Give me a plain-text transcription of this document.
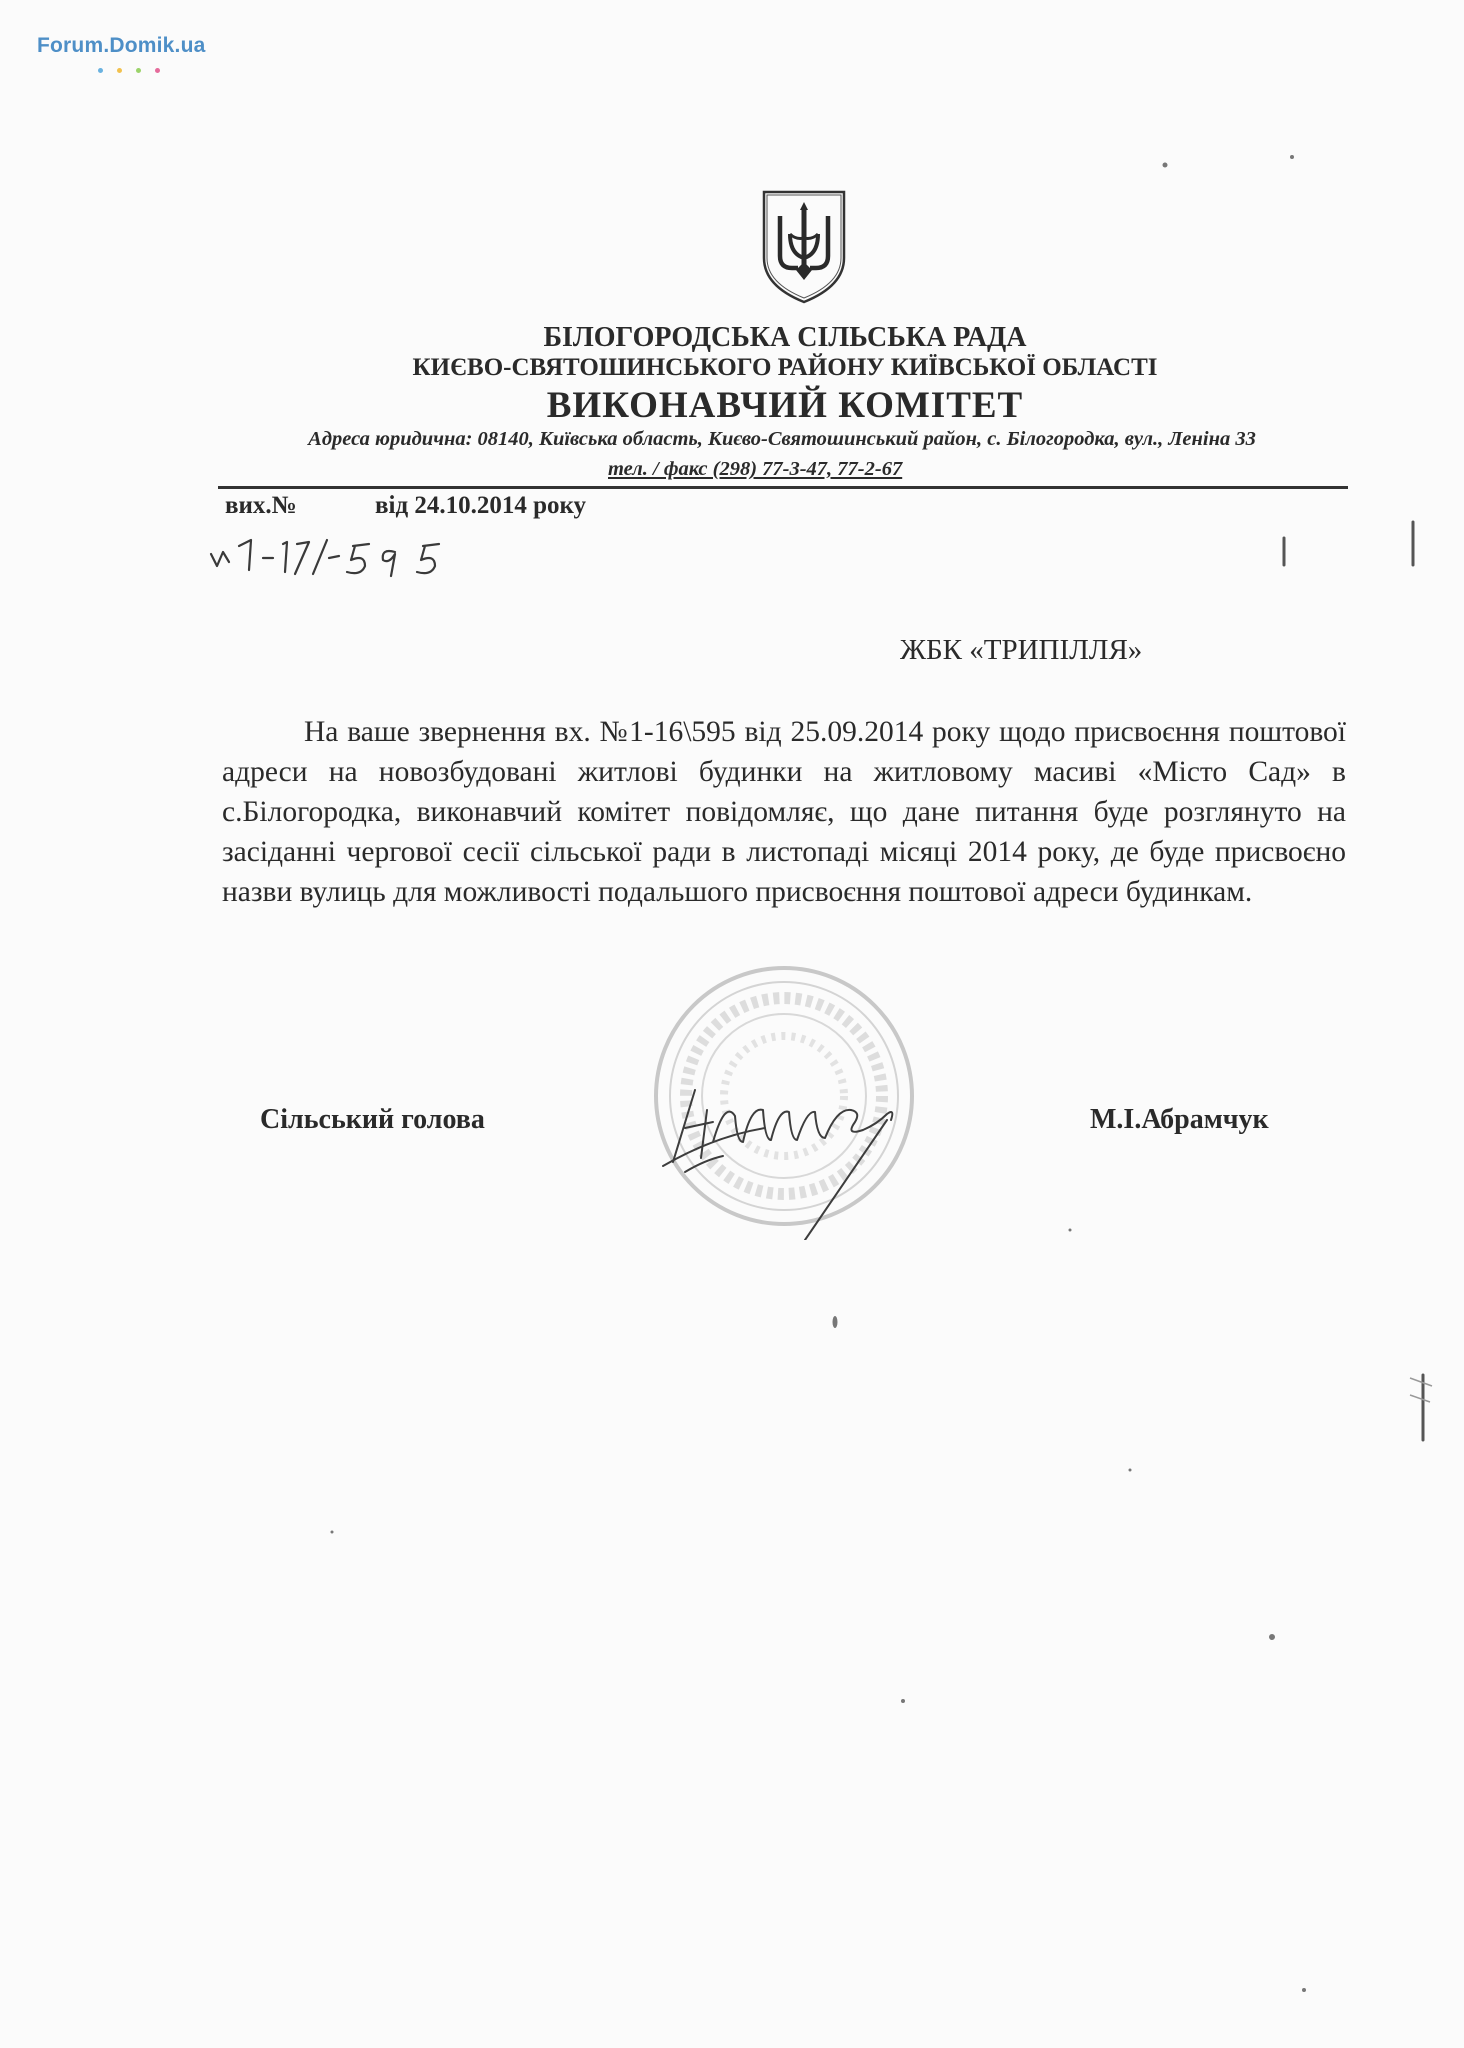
Forum.Domik.ua

БІЛОГОРОДСЬКА СІЛЬСЬКА РАДА
КИЄВО-СВЯТОШИНСЬКОГО РАЙОНУ КИЇВСЬКОЇ ОБЛАСТІ
ВИКОНАВЧИЙ КОМІТЕТ
Адреса юридична: 08140, Київська область, Києво-Святошинський район, с. Білогородка, вул., Леніна 33
тел. / факс (298) 77-3-47, 77-2-67
вих.№	від 24.10.2014 року
ЖБК «ТРИПІЛЛЯ»
На ваше звернення вх. №1-16\595 від 25.09.2014 року щодо присвоєння поштової адреси на новозбудовані житлові будинки на житловому масиві «Місто Сад» в с.Білогородка, виконавчий комітет повідомляє, що дане питання буде розглянуто на засіданні чергової сесії сільської ради в листопаді місяці 2014 року, де буде присвоєно назви вулиць для можливості подальшого присвоєння поштової адреси будинкам.
Сільський голова	М.І.Абрамчук
